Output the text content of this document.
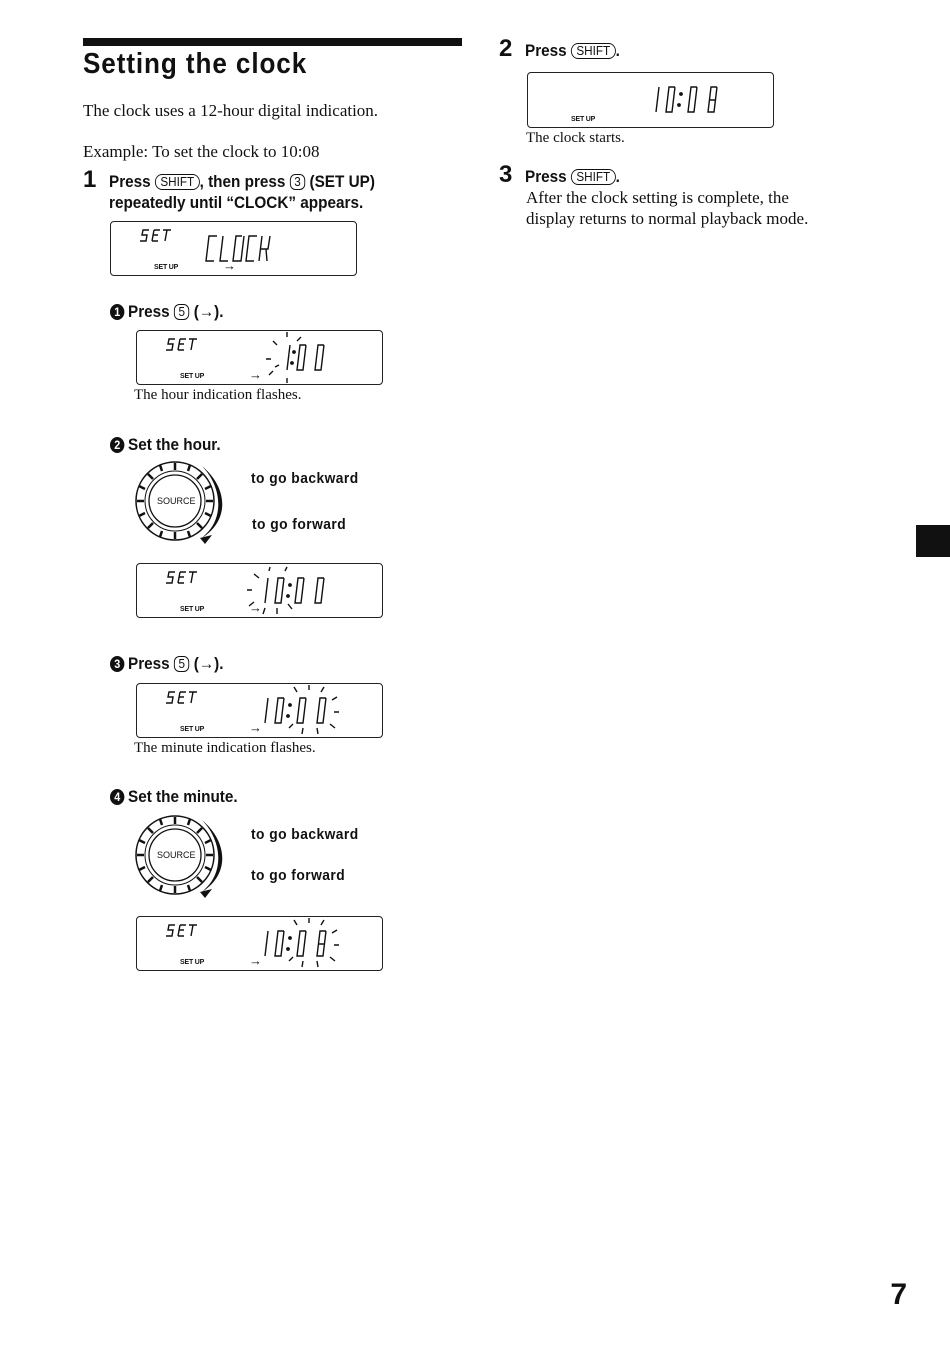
Setting the clock
The clock uses a 12-hour digital indication.
Example: To set the clock to 10:08
1 Press SHIFT , then press 3 (SET UP)
repeatedly until “CLOCK” appears.
SET UP	→
1 Press 5 (→).
SET UP	→
The hour indication flashes.
2 Set the hour.
SOURCE
to go backward
to go forward
SET UP	→
3 Press 5 (→).
SET UP	→
The minute indication flashes.
4 Set the minute.
SOURCE
to go backward
to go forward
SET UP	→
2 Press SHIFT .
SET UP
The clock starts.
3 Press SHIFT .
After the clock setting is complete, the
display returns to normal playback mode.
7
